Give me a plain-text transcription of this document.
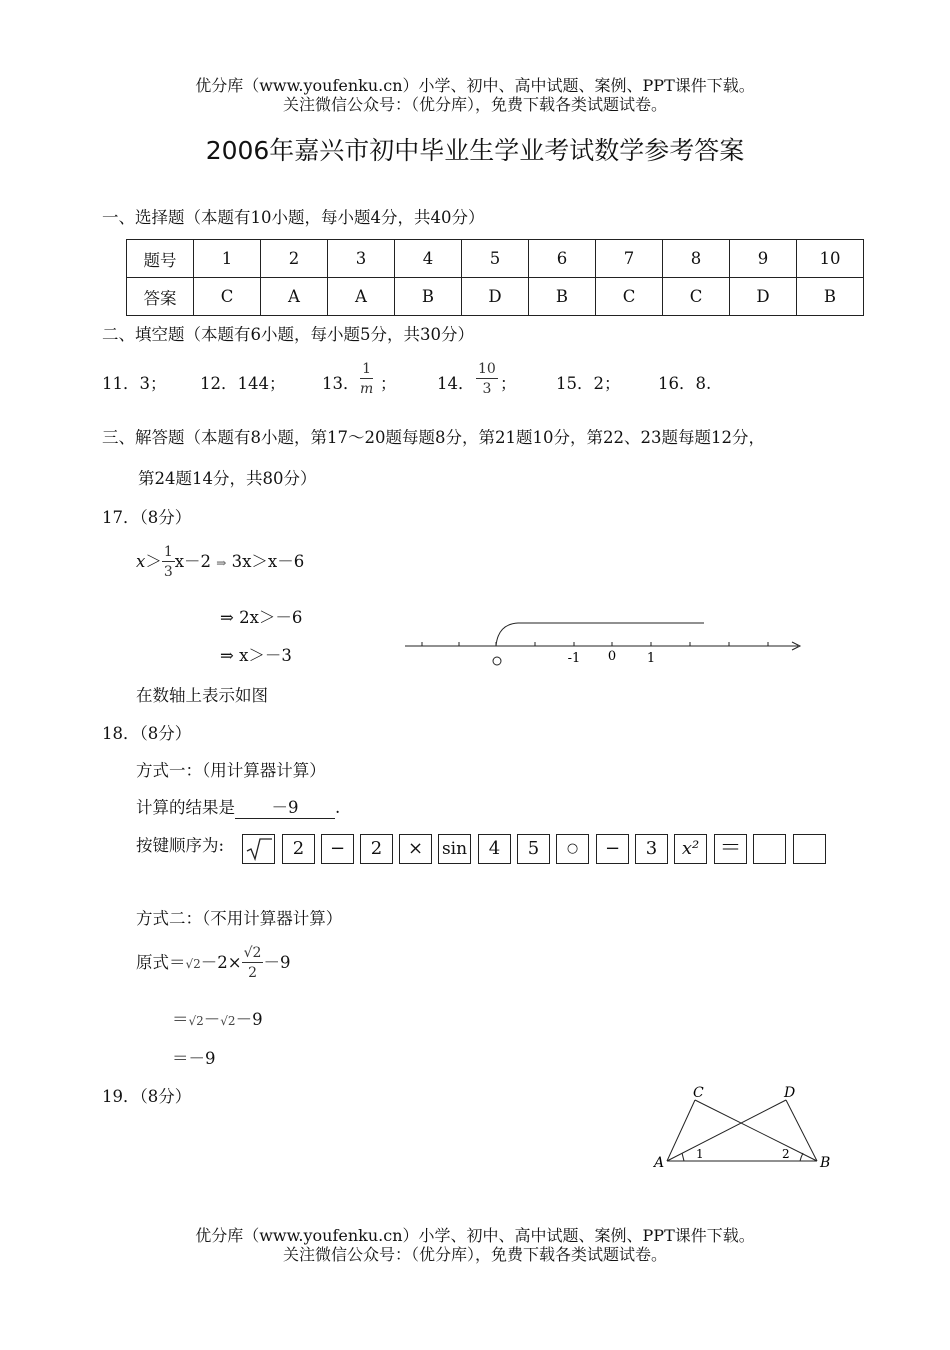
优分库（www.youfenku.cn）小学、初中、高中试题、案例、PPT课件下载。
关注微信公众号：（优分库），免费下载各类试题试卷。
2006年嘉兴市初中毕业生学业考试数学参考答案
一、选择题（本题有10小题，每小题4分，共40分）
题号	1	2	3	4	5	6	7	8	9	10
答案	C	A	A	B	D	B	C	C	D	B
二、填空题（本题有6小题，每小题5分，共30分）
11．3； 12．144； 13． $\frac{1}{m}$ ； 14． $\frac{10}{3}$ ； 15．2； 16．8.
三、解答题（本题有8小题，第17～20题每题8分，第21题10分，第22、23题每题12分，
第24题14分，共80分）
17．（8分）
$x> \frac{1}{3} x-2$ ⇒ 3x＞x－6
⇒ 2x＞－6
⇒ x＞－3
在数轴上表示如图
-1 0 1
18．（8分）
方式一：（用计算器计算）
计算的结果是 －9 .
按键顺序为:	2	−	2	×	sin	4	5	○	−	3	x² ＝
方式二：（不用计算器计算）
原式$=√2-2\times \frac{√2}{2} -9$
＝√2－√2－9
＝－9
19．（8分）
A	B
C	D
1	2
优分库（www.youfenku.cn）小学、初中、高中试题、案例、PPT课件下载。
关注微信公众号：（优分库），免费下载各类试题试卷。
